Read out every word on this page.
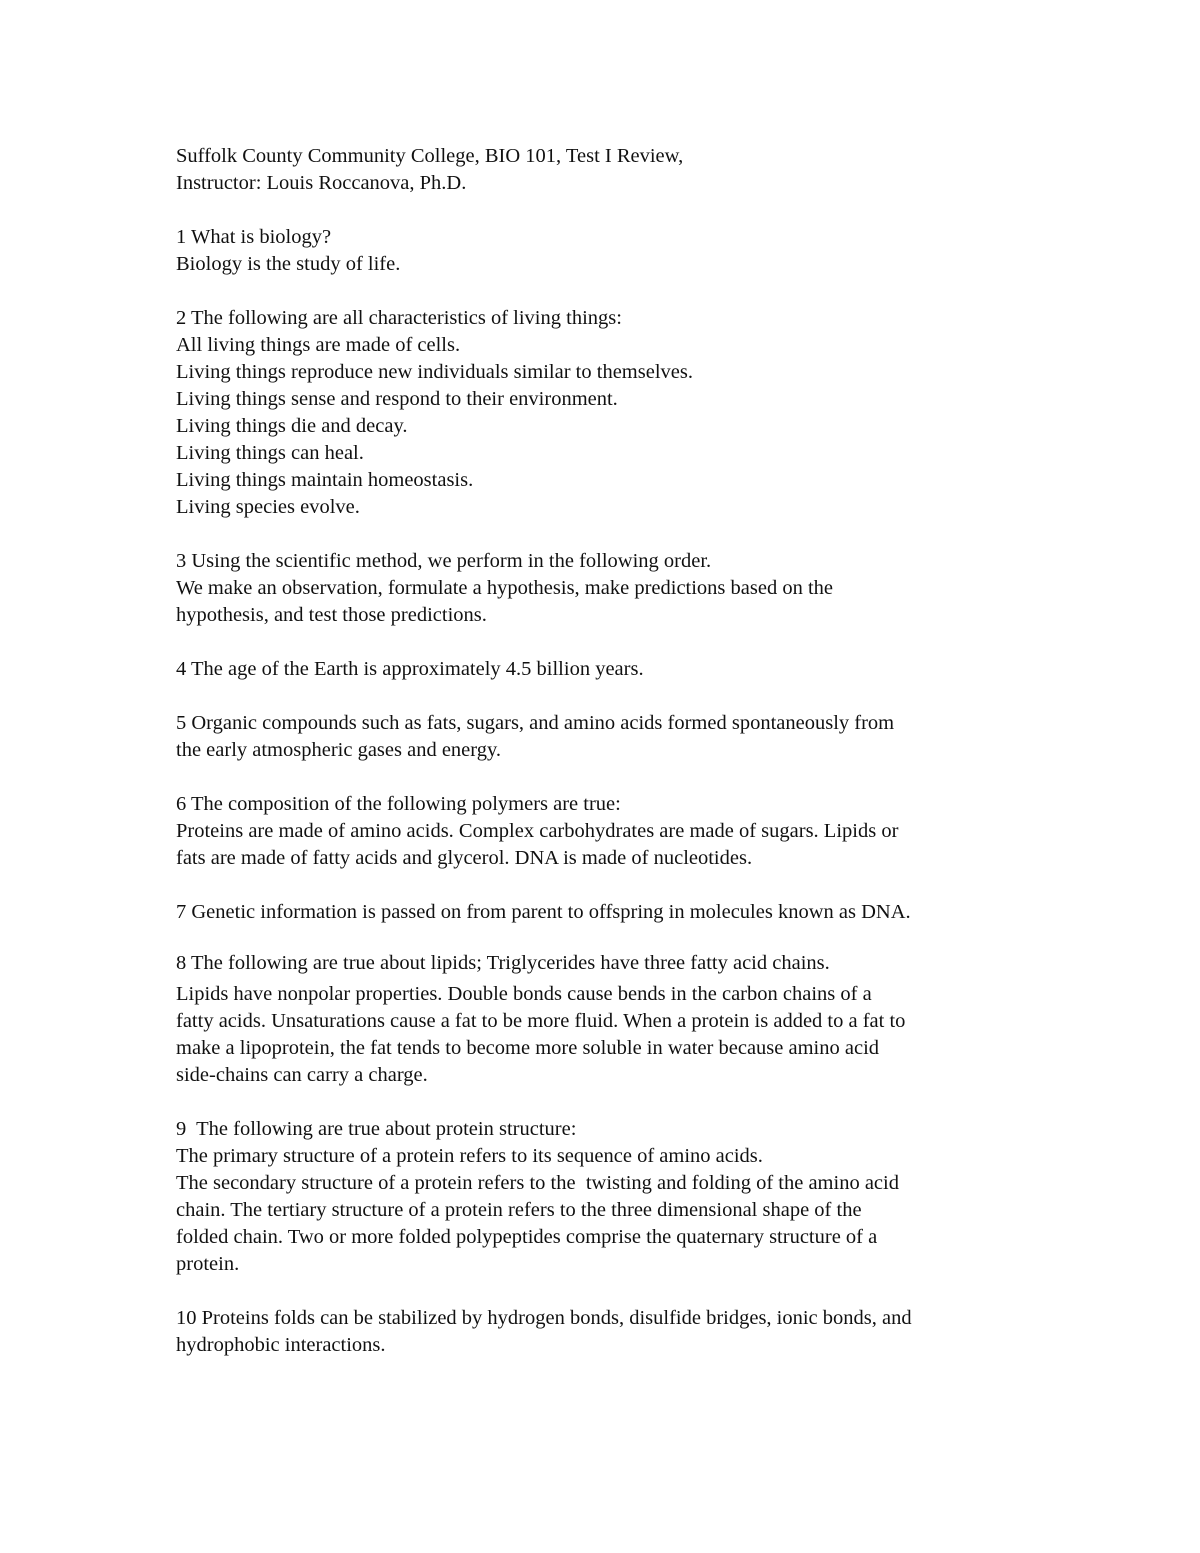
Suffolk County Community College, BIO 101, Test I Review,
Instructor: Louis Roccanova, Ph.D.
1 What is biology?
Biology is the study of life.
2 The following are all characteristics of living things:
All living things are made of cells.
Living things reproduce new individuals similar to themselves.
Living things sense and respond to their environment.
Living things die and decay.
Living things can heal.
Living things maintain homeostasis.
Living species evolve.
3 Using the scientific method, we perform in the following order.
We make an observation, formulate a hypothesis, make predictions based on the
hypothesis, and test those predictions.
4 The age of the Earth is approximately 4.5 billion years.
5 Organic compounds such as fats, sugars, and amino acids formed spontaneously from
the early atmospheric gases and energy.
6 The composition of the following polymers are true:
Proteins are made of amino acids. Complex carbohydrates are made of sugars. Lipids or
fats are made of fatty acids and glycerol. DNA is made of nucleotides.
7 Genetic information is passed on from parent to offspring in molecules known as DNA.
8 The following are true about lipids; Triglycerides have three fatty acid chains.
Lipids have nonpolar properties. Double bonds cause bends in the carbon chains of a
fatty acids. Unsaturations cause a fat to be more fluid. When a protein is added to a fat to
make a lipoprotein, the fat tends to become more soluble in water because amino acid
side-chains can carry a charge.
9  The following are true about protein structure:
The primary structure of a protein refers to its sequence of amino acids.
The secondary structure of a protein refers to the  twisting and folding of the amino acid
chain. The tertiary structure of a protein refers to the three dimensional shape of the
folded chain. Two or more folded polypeptides comprise the quaternary structure of a
protein.
10 Proteins folds can be stabilized by hydrogen bonds, disulfide bridges, ionic bonds, and
hydrophobic interactions.
